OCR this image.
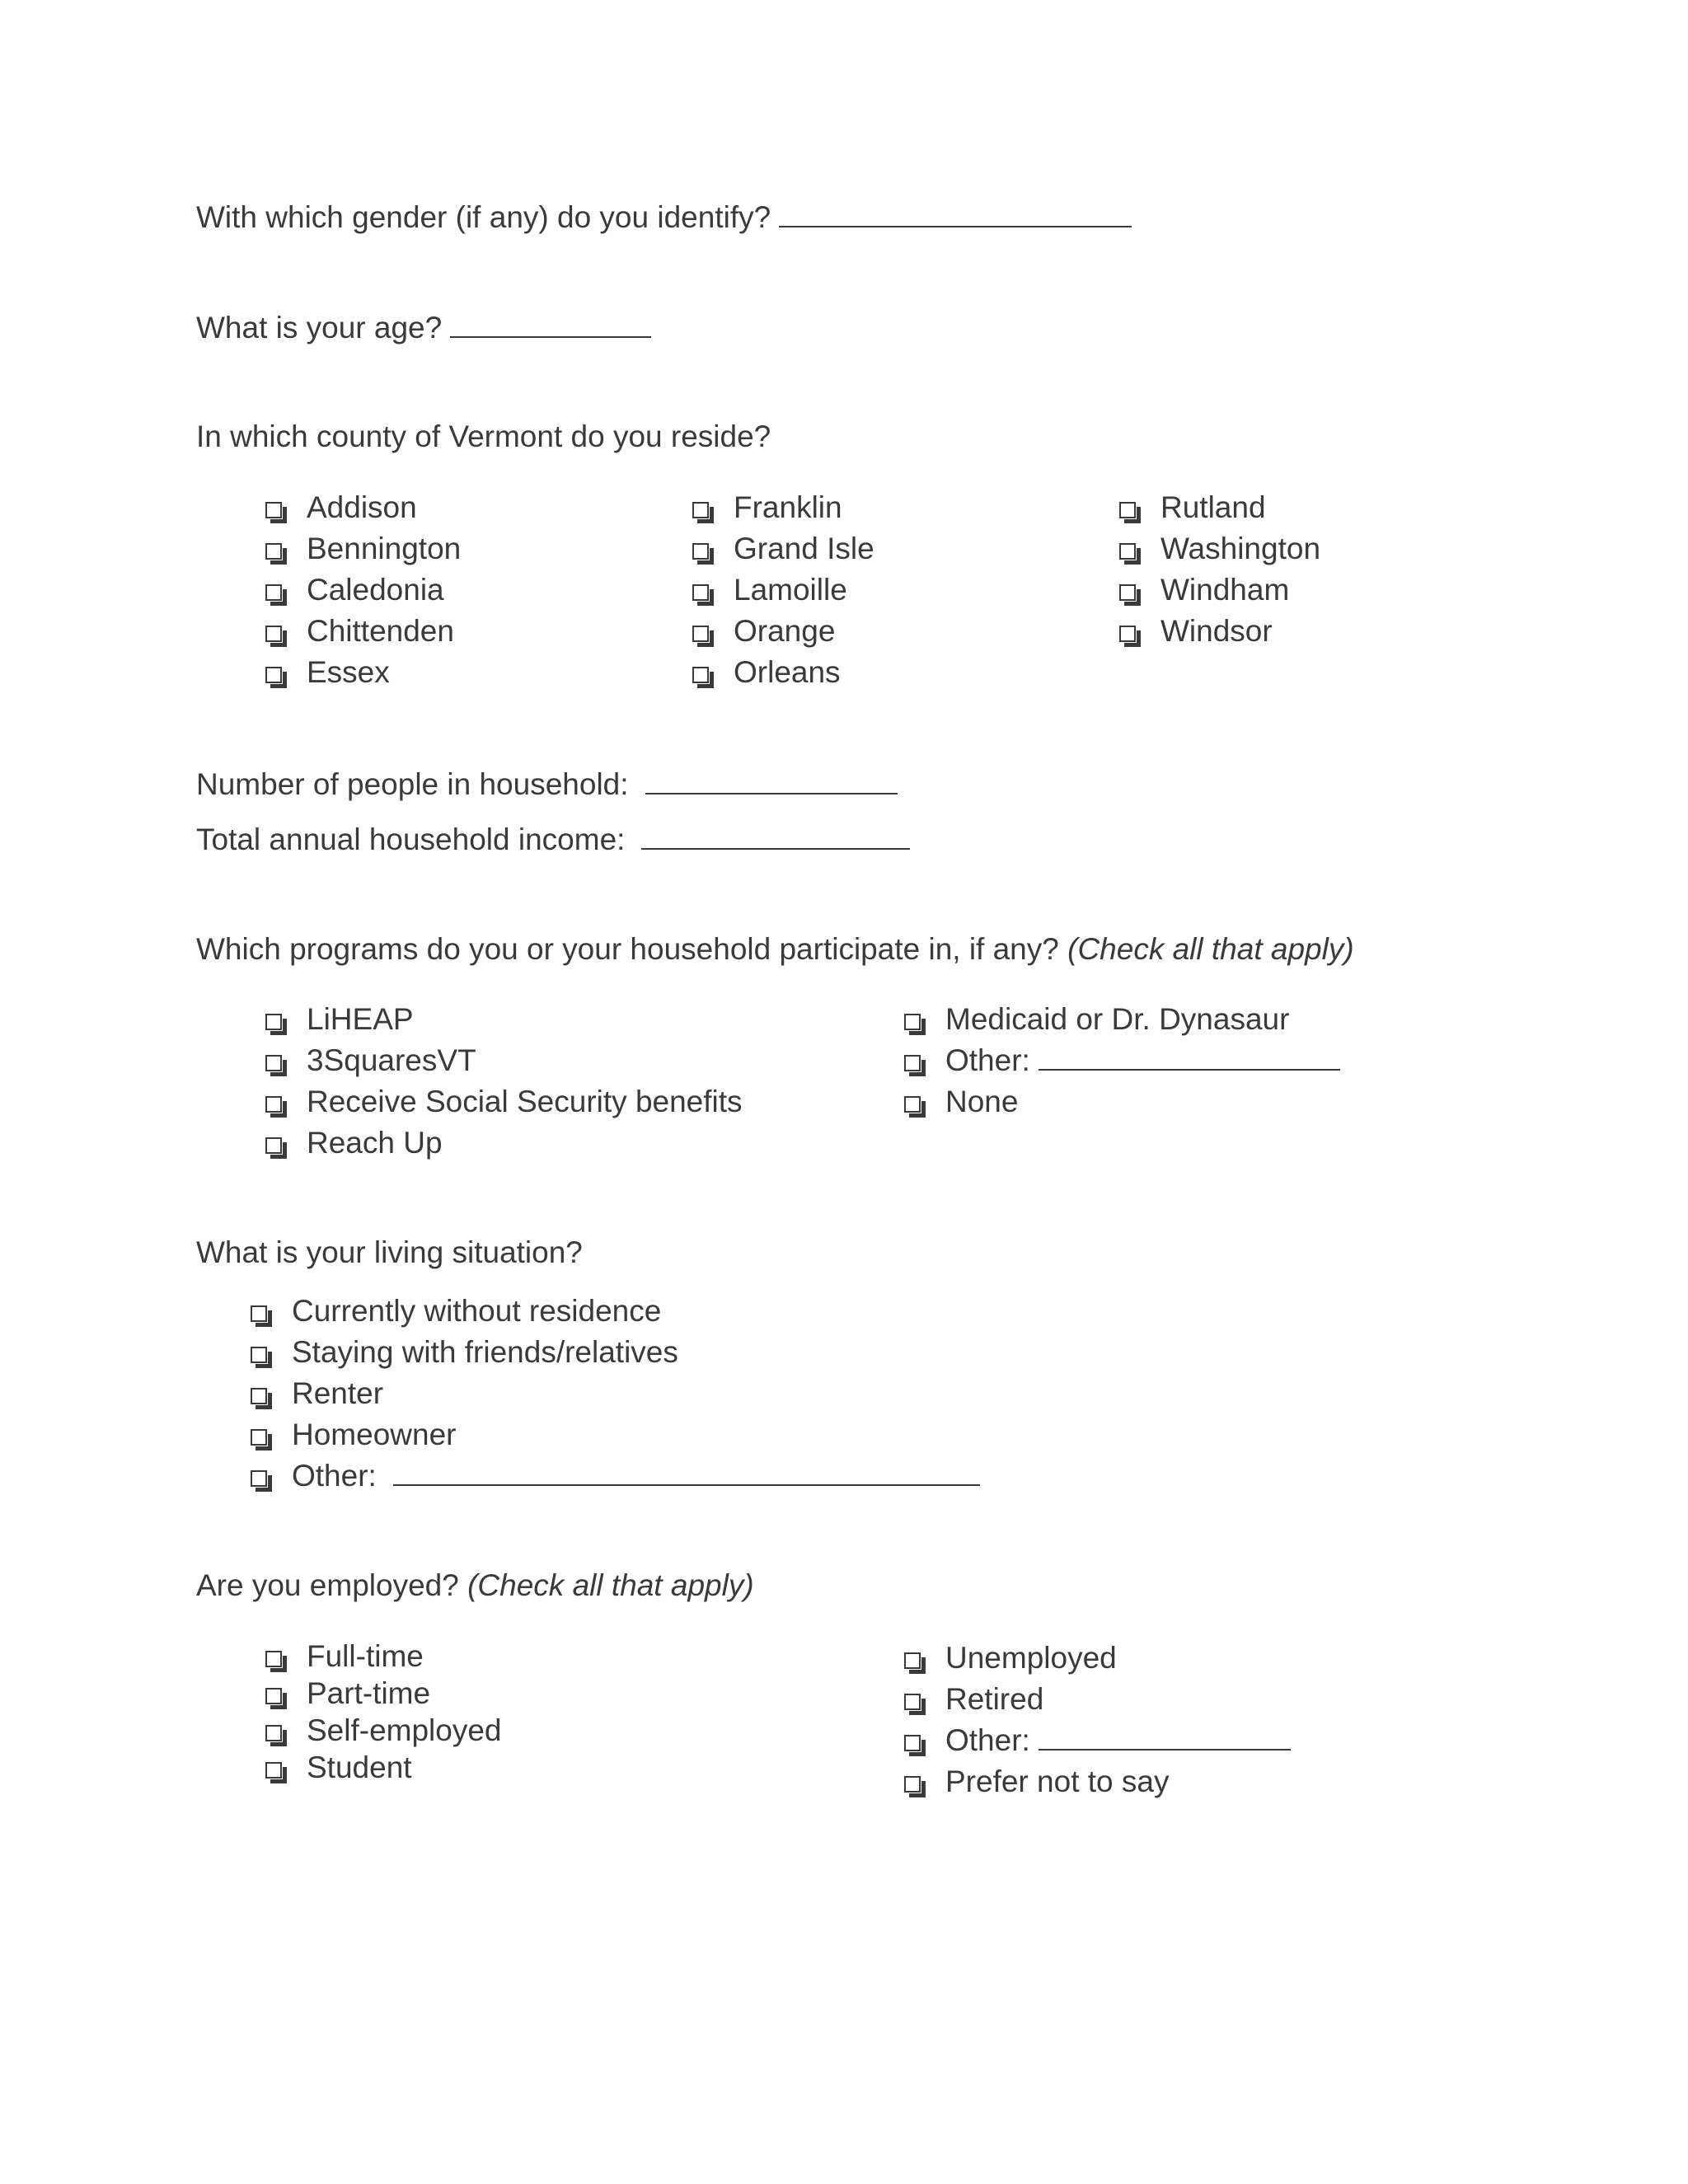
With which gender (if any) do you identify?
What is your age?
In which county of Vermont do you reside?
Addison
Bennington
Caledonia
Chittenden
Essex
Franklin
Grand Isle
Lamoille
Orange
Orleans
Rutland
Washington
Windham
Windsor
Number of people in household:
Total annual household income:
Which programs do you or your household participate in, if any? (Check all that apply)
LiHEAP
3SquaresVT
Receive Social Security benefits
Reach Up
Medicaid or Dr. Dynasaur
Other:
None
What is your living situation?
Currently without residence
Staying with friends/relatives
Renter
Homeowner
Other:
Are you employed? (Check all that apply)
Full-time
Part-time
Self-employed
Student
Unemployed
Retired
Other:
Prefer not to say
